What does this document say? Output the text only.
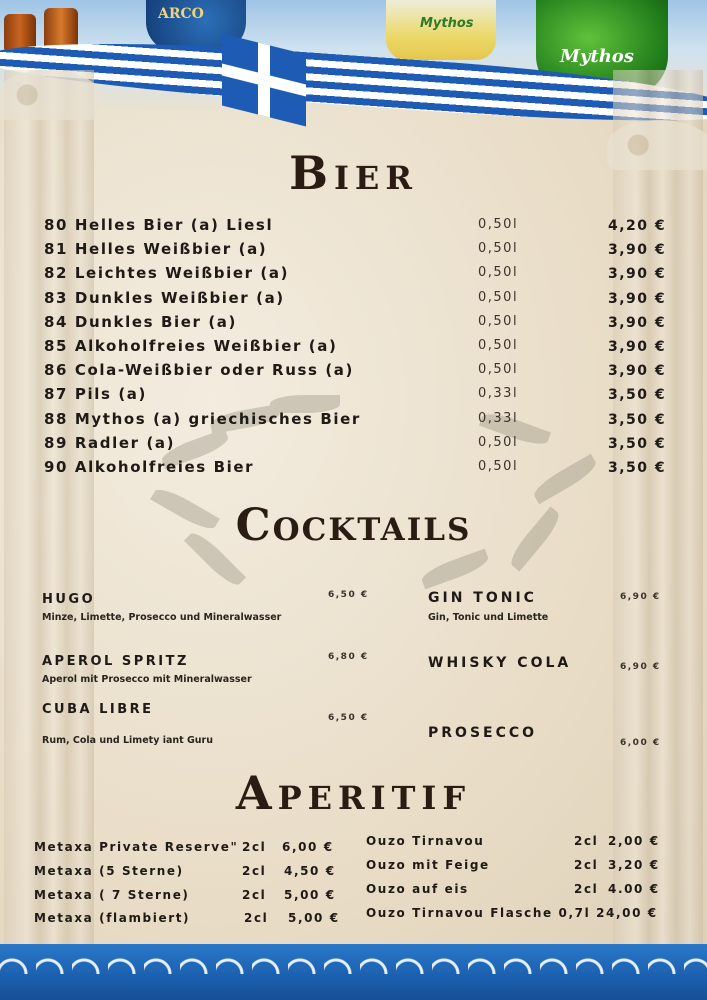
ARCO
Mythos
Mythos
Bier
80 Helles Bier (a) Liesl	0,50l	4,20 €
81 Helles Weißbier (a)	0,50l	3,90 €
82 Leichtes Weißbier (a)	0,50l	3,90 €
83 Dunkles Weißbier (a)	0,50l	3,90 €
84 Dunkles Bier (a)	0,50l	3,90 €
85 Alkoholfreies Weißbier (a)	0,50l	3,90 €
86 Cola-Weißbier oder Russ (a)	0,50l	3,90 €
87 Pils (a)	0,33l	3,50 €
88 Mythos (a) griechisches Bier	0,33l	3,50 €
89 Radler (a)	0,50l	3,50 €
90 Alkoholfreies Bier	0,50l	3,50 €
Cocktails
HUGO
Minze, Limette, Prosecco und Mineralwasser
6,50 €
APEROL SPRITZ
Aperol mit Prosecco mit Mineralwasser
6,80 €
CUBA LIBRE
Rum, Cola und Limety iant Guru
6,50 €
GIN TONIC
Gin, Tonic und Limette
6,90 €
WHISKY COLA	6,90 €
PROSECCO
6,00 €
Aperitif
Metaxa Private Reserve" 2cl 6,00 €
Metaxa (5 Sterne)	2cl 4,50 €
Metaxa ( 7 Sterne)	2cl 5,00 €
Metaxa (flambiert)	2cl 5,00 €
Ouzo Tirnavou	2cl 2,00 €
Ouzo mit Feige	2cl 3,20 €
Ouzo auf eis	2cl 4.00 €
Ouzo Tirnavou Flasche 0,7l 24,00 €
